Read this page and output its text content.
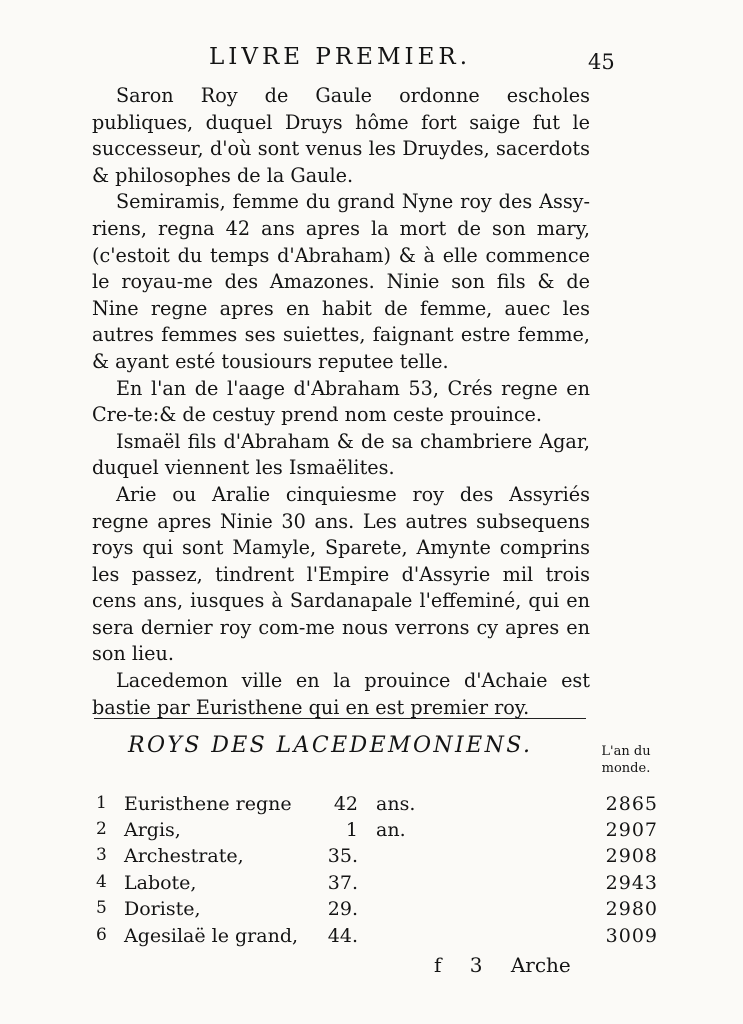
LIVRE PREMIER.	45

Saron Roy de Gaule ordonne escholes publiques, duquel Druys hôme fort saige fut le successeur, d'où sont venus les Druydes, sacerdots & philosophes de la Gaule.

Semiramis, femme du grand Nyne roy des Assy-riens, regna 42 ans apres la mort de son mary, (c'estoit du temps d'Abraham) & à elle commence le royau-me des Amazones. Ninie son fils & de Nine regne apres en habit de femme, auec les autres femmes ses suiettes, faignant estre femme, & ayant esté tousiours reputee telle.

En l'an de l'aage d'Abraham 53, Crés regne en Cre-te:& de cestuy prend nom ceste prouince.

Ismaël fils d'Abraham & de sa chambriere Agar, duquel viennent les Ismaëlites.

Arie ou Aralie cinquiesme roy des Assyriés regne apres Ninie 30 ans. Les autres subsequens roys qui sont Mamyle, Sparete, Amynte comprins les passez, tindrent l'Empire d'Assyrie mil trois cens ans, iusques à Sardanapale l'effeminé, qui en sera dernier roy com-me nous verrons cy apres en son lieu.

Lacedemon ville en la prouince d'Achaie est bastie par Euristhene qui en est premier roy.

ROYS DES LACEDEMONIENS.	L'an du
monde.
1 Euristhene regne	42 ans.	2865
2 Argis,	1 an.	2907
3 Archestrate,	35.	2908
4 Labote,	37.	2943
5 Doriste,	29.	2980
6 Agesilaë le grand,	44.	3009
f 3 Arche
